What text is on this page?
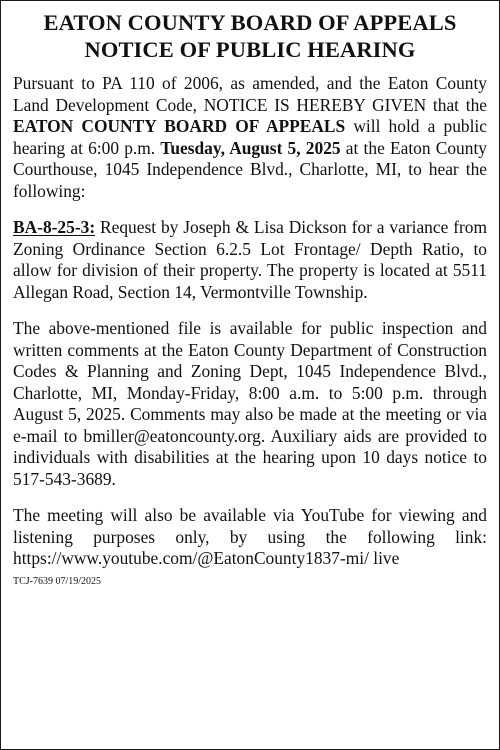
EATON COUNTY BOARD OF APPEALS
NOTICE OF PUBLIC HEARING

Pursuant to PA 110 of 2006, as amended, and the Eaton County Land Development Code, NOTICE IS HEREBY GIVEN that the EATON COUNTY BOARD OF APPEALS will hold a public hearing at 6:00 p.m. Tuesday, August 5, 2025 at the Eaton County Courthouse, 1045 Independence Blvd., Charlotte, MI, to hear the following:

BA-8-25-3: Request by Joseph & Lisa Dickson for a variance from Zoning Ordinance Section 6.2.5 Lot Frontage/ Depth Ratio, to allow for division of their property. The property is located at 5511 Allegan Road, Section 14, Vermontville Township.

The above-mentioned file is available for public inspection and written comments at the Eaton County Department of Construction Codes & Planning and Zoning Dept, 1045 Independence Blvd., Charlotte, MI, Monday-Friday, 8:00 a.m. to 5:00 p.m. through August 5, 2025. Comments may also be made at the meeting or via e-mail to bmiller@eatoncounty.org. Auxiliary aids are provided to individuals with disabilities at the hearing upon 10 days notice to 517-543-3689.

The meeting will also be available via YouTube for viewing and listening purposes only, by using the following link: https://www.youtube.com/@EatonCounty1837-mi/ live

TCJ-7639 07/19/2025
